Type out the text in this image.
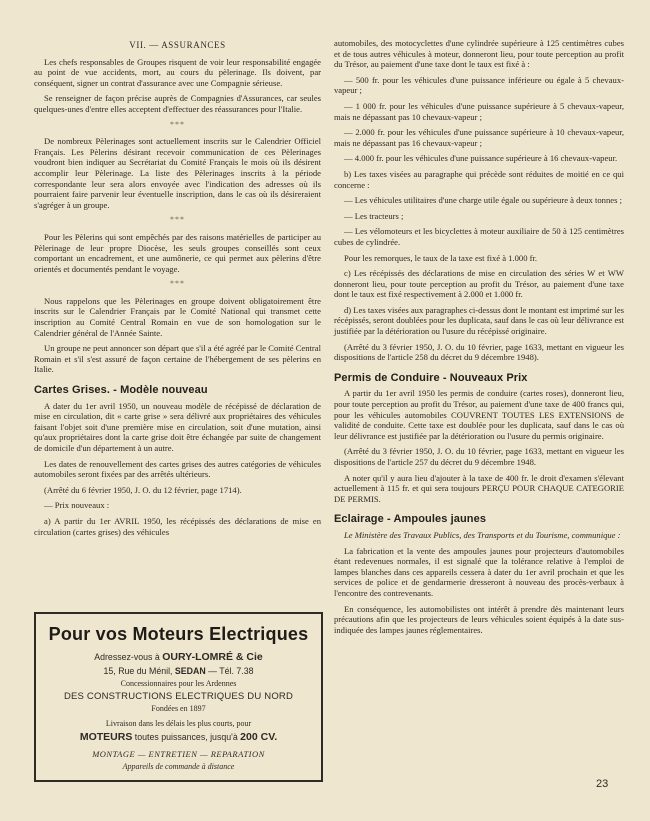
VII. — ASSURANCES

Les chefs responsables de Groupes risquent de voir leur responsabilité engagée au point de vue accidents, mort, au cours du pèlerinage. Ils doivent, par conséquent, signer un contrat d'assurance avec une Compagnie sérieuse.

Se renseigner de façon précise auprès de Compagnies d'Assurances, car seules quelques-unes d'entre elles acceptent d'effectuer des réassurances pour l'Italie.

***

De nombreux Pèlerinages sont actuellement inscrits sur le Calendrier Officiel Français. Les Pèlerins désirant recevoir communication de ces Pèlerinages voudront bien indiquer au Secrétariat du Comité Français le mois où ils désirent accomplir leur Pèlerinage. La liste des Pèlerinages inscrits à la période correspondante leur sera alors envoyée avec l'indication des adresses où ils pourraient faire parvenir leur éventuelle inscription, dans le cas où ils désireraient s'agréger à un groupe.

***

Pour les Pèlerins qui sont empêchés par des raisons matérielles de participer au Pèlerinage de leur propre Diocèse, les seuls groupes conseillés sont ceux comportant un encadrement, et une aumônerie, ce qui permet aux pèlerins d'être orientés et documentés pendant le voyage.

***

Nous rappelons que les Pèlerinages en groupe doivent obligatoirement être inscrits sur le Calendrier Français par le Comité National qui transmet cette inscription au Comité Central Romain en vue de son homologation sur le Calendrier général de l'Année Sainte.

Un groupe ne peut annoncer son départ que s'il a été agréé par le Comité Central Romain et s'il s'est assuré de façon certaine de l'hébergement de ses pèlerins en Italie.

Cartes Grises. - Modèle nouveau

A dater du 1er avril 1950, un nouveau modèle de récépissé de déclaration de mise en circulation, dit « carte grise » sera délivré aux propriétaires des véhicules faisant l'objet soit d'une première mise en circulation, soit d'une mutation, ainsi qu'aux propriétaires dont la carte grise doit être échangée par suite de changement de domicile d'un département à un autre.

Les dates de renouvellement des cartes grises des autres catégories de véhicules automobiles seront fixées par des arrêtés ultérieurs.

(Arrêté du 6 février 1950, J. O. du 12 février, page 1714).

— Prix nouveaux :

a) A partir du 1er AVRIL 1950, les récépissés des déclarations de mise en circulation (cartes grises) des véhicules

Pour vos Moteurs Electriques
Adressez-vous à OURY-LOMRÉ & Cie
15, Rue du Ménil, SEDAN — Tél. 7.38
Concessionnaires pour les Ardennes
DES CONSTRUCTIONS ELECTRIQUES DU NORD
Fondées en 1897
Livraison dans les délais les plus courts, pour
MOTEURS toutes puissances, jusqu'à 200 CV.
MONTAGE — ENTRETIEN — REPARATION
Appareils de commande à distance

automobiles, des motocyclettes d'une cylindrée supérieure à 125 centimètres cubes et de tous autres véhicules à moteur, donneront lieu, pour toute perception au profit du Trésor, au paiement d'une taxe dont le taux est fixé à :

— 500 fr. pour les véhicules d'une puissance inférieure ou égale à 5 chevaux-vapeur ;

— 1 000 fr. pour les véhicules d'une puissance supérieure à 5 chevaux-vapeur, mais ne dépassant pas 10 chevaux-vapeur ;

— 2.000 fr. pour les véhicules d'une puissance supérieure à 10 chevaux-vapeur, mais ne dépassant pas 16 chevaux-vapeur ;

— 4.000 fr. pour les véhicules d'une puissance supérieure à 16 chevaux-vapeur.

b) Les taxes visées au paragraphe qui précède sont réduites de moitié en ce qui concerne :

— Les véhicules utilitaires d'une charge utile égale ou supérieure à deux tonnes ;

— Les tracteurs ;

— Les vélomoteurs et les bicyclettes à moteur auxiliaire de 50 à 125 centimètres cubes de cylindrée.

Pour les remorques, le taux de la taxe est fixé à 1.000 fr.

c) Les récépissés des déclarations de mise en circulation des séries W et WW donneront lieu, pour toute perception au profit du Trésor, au paiement d'une taxe dont le taux est fixé respectivement à 2.000 et 1.000 fr.

d) Les taxes visées aux paragraphes ci-dessus dont le montant est imprimé sur les récépissés, seront doublées pour les duplicata, sauf dans le cas où leur délivrance est justifiée par la détérioration ou l'usure du récépissé originaire.

(Arrêté du 3 février 1950, J. O. du 10 février, page 1633, mettant en vigueur les dispositions de l'article 258 du décret du 9 décembre 1948).

Permis de Conduire - Nouveaux Prix

A partir du 1er avril 1950 les permis de conduire (cartes roses), donneront lieu, pour toute perception au profit du Trésor, au paiement d'une taxe de 400 francs qui, pour les véhicules automobiles COUVRENT TOUTES LES EXTENSIONS de validité de conduite. Cette taxe est doublée pour les duplicata, sauf dans le cas où leur délivrance est justifiée par la détérioration ou l'usure du permis originaire.

(Arrêté du 3 février 1950, J. O. du 10 février, page 1633, mettant en vigueur les dispositions de l'article 257 du décret du 9 décembre 1948.

A noter qu'il y aura lieu d'ajouter à la taxe de 400 fr. le droit d'examen s'élevant actuellement à 115 fr. et qui sera toujours PERÇU POUR CHAQUE CATEGORIE DE PERMIS.

Eclairage - Ampoules jaunes

Le Ministère des Travaux Publics, des Transports et du Tourisme, communique :

La fabrication et la vente des ampoules jaunes pour projecteurs d'automobiles étant redevenues normales, il est signalé que la tolérance relative à l'emploi de lampes blanches dans ces appareils cessera à dater du 1er avril prochain et que les services de police et de gendarmerie dresseront à nouveau des procès-verbaux à l'encontre des contrevenants.

En conséquence, les automobilistes ont intérêt à prendre dès maintenant leurs précautions afin que les projecteurs de leurs véhicules soient équipés à la date sus-indiquée des lampes jaunes réglementaires.

23
